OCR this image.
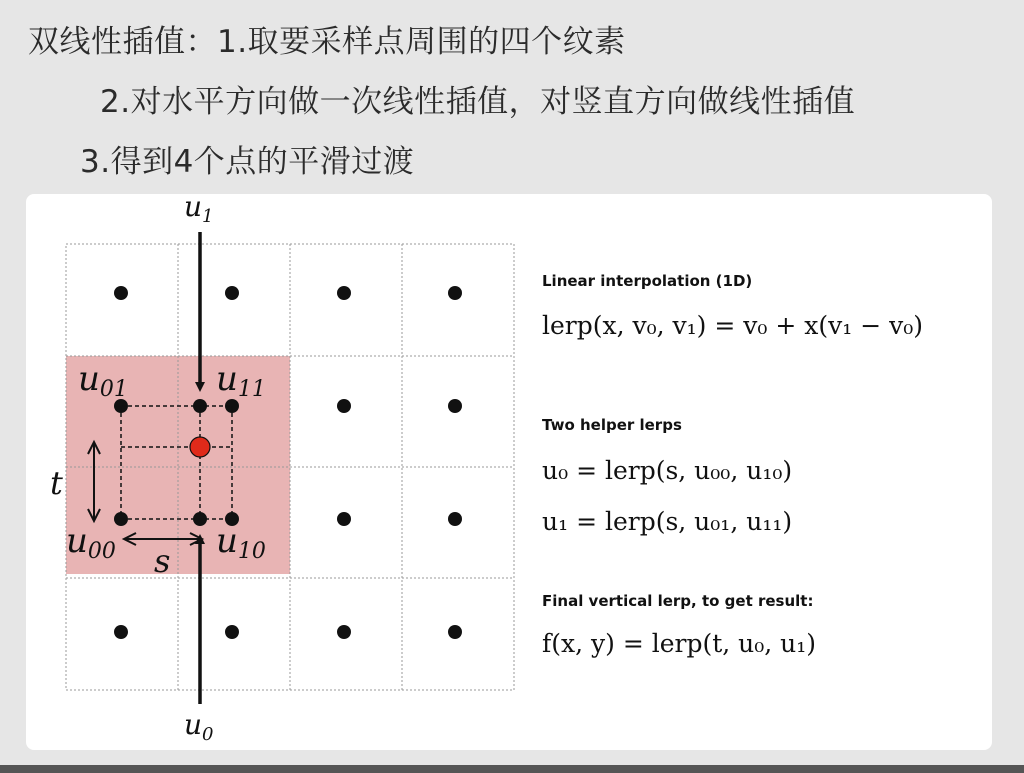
双线性插值：1.取要采样点周围的四个纹素
2.对水平方向做一次线性插值，对竖直方向做线性插值
3.得到4个点的平滑过渡
$u_1$
$u_0$
u01	u11
u00	u10
s
t
Linear interpolation (1D)
lerp(x, v₀, v₁) = v₀ + x(v₁ − v₀)
Two helper lerps
u₀ = lerp(s, u₀₀, u₁₀)
u₁ = lerp(s, u₀₁, u₁₁)
Final vertical lerp, to get result:
f(x, y) = lerp(t, u₀, u₁)
